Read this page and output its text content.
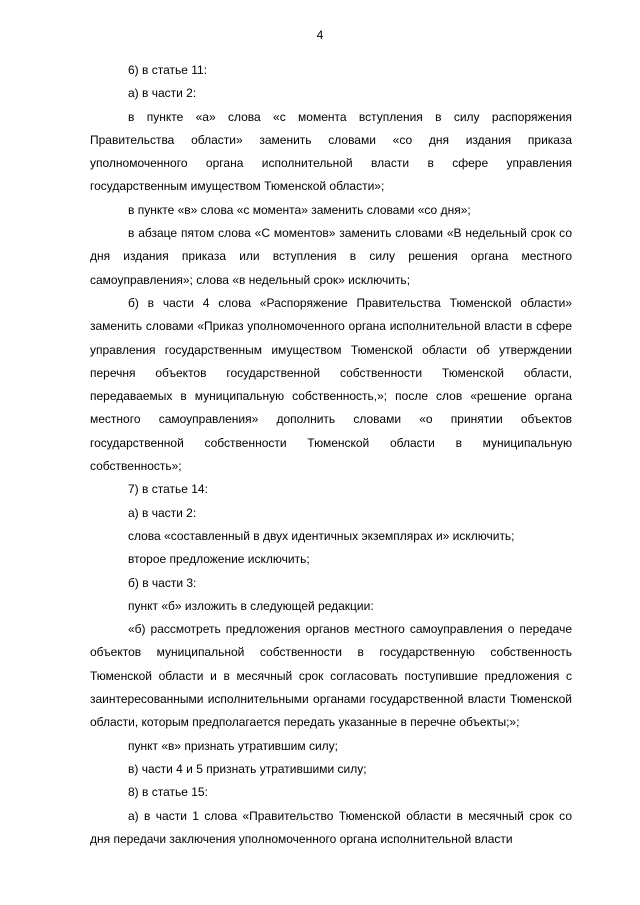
4

6) в статье 11:

а) в части 2:

в пункте «а» слова «с момента вступления в силу распоряжения Правительства области» заменить словами «со дня издания приказа уполномоченного органа исполнительной власти в сфере управления государственным имуществом Тюменской области»;

в пункте «в» слова «с момента» заменить словами «со дня»;

в абзаце пятом слова «С моментов» заменить словами «В недельный срок со дня издания приказа или вступления в силу решения органа местного самоуправления»; слова «в недельный срок» исключить;

б) в части 4 слова «Распоряжение Правительства Тюменской области» заменить словами «Приказ уполномоченного органа исполнительной власти в сфере управления государственным имуществом Тюменской области об утверждении перечня объектов государственной собственности Тюменской области, передаваемых в муниципальную собственность,»; после слов «решение органа местного самоуправления» дополнить словами «о принятии объектов государственной собственности Тюменской области в муниципальную собственность»;

7) в статье 14:

а) в части 2:

слова «составленный в двух идентичных экземплярах и» исключить;

второе предложение исключить;

б) в части 3:

пункт «б» изложить в следующей редакции:

«б) рассмотреть предложения органов местного самоуправления о передаче объектов муниципальной собственности в государственную собственность Тюменской области и в месячный срок согласовать поступившие предложения с заинтересованными исполнительными органами государственной власти Тюменской области, которым предполагается передать указанные в перечне объекты;»;

пункт «в» признать утратившим силу;

в) части 4 и 5 признать утратившими силу;

8) в статье 15:

а) в части 1 слова «Правительство Тюменской области в месячный срок со дня передачи заключения уполномоченного органа исполнительной власти
